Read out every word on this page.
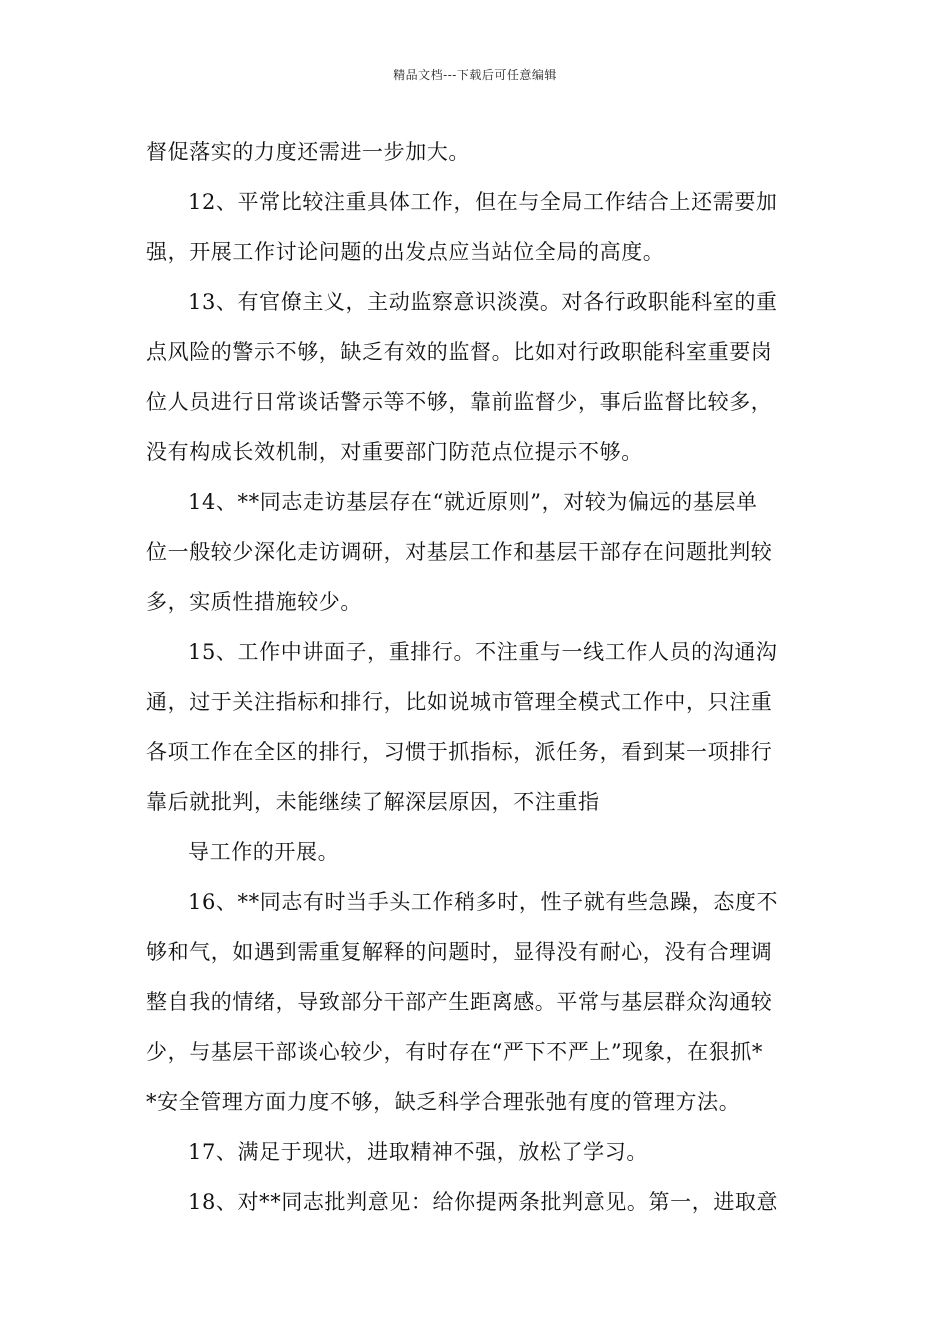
精品文档---下载后可任意编辑
督促落实的力度还需进一步加大。
12、平常比较注重具体工作，但在与全局工作结合上还需要加
强，开展工作讨论问题的出发点应当站位全局的高度。
13、有官僚主义，主动监察意识淡漠。对各行政职能科室的重
点风险的警示不够，缺乏有效的监督。比如对行政职能科室重要岗
位人员进行日常谈话警示等不够，靠前监督少，事后监督比较多，
没有构成长效机制，对重要部门防范点位提示不够。
14、**同志走访基层存在“就近原则”，对较为偏远的基层单
位一般较少深化走访调研，对基层工作和基层干部存在问题批判较
多，实质性措施较少。
15、工作中讲面子，重排行。不注重与一线工作人员的沟通沟
通，过于关注指标和排行，比如说城市管理全模式工作中，只注重
各项工作在全区的排行，习惯于抓指标，派任务，看到某一项排行
靠后就批判，未能继续了解深层原因，不注重指
导工作的开展。
16、**同志有时当手头工作稍多时，性子就有些急躁，态度不
够和气，如遇到需重复解释的问题时，显得没有耐心，没有合理调
整自我的情绪，导致部分干部产生距离感。平常与基层群众沟通较
少，与基层干部谈心较少，有时存在“严下不严上”现象，在狠抓*
*安全管理方面力度不够，缺乏科学合理张弛有度的管理方法。
17、满足于现状，进取精神不强，放松了学习。
18、对**同志批判意见：给你提两条批判意见。第一，进取意
